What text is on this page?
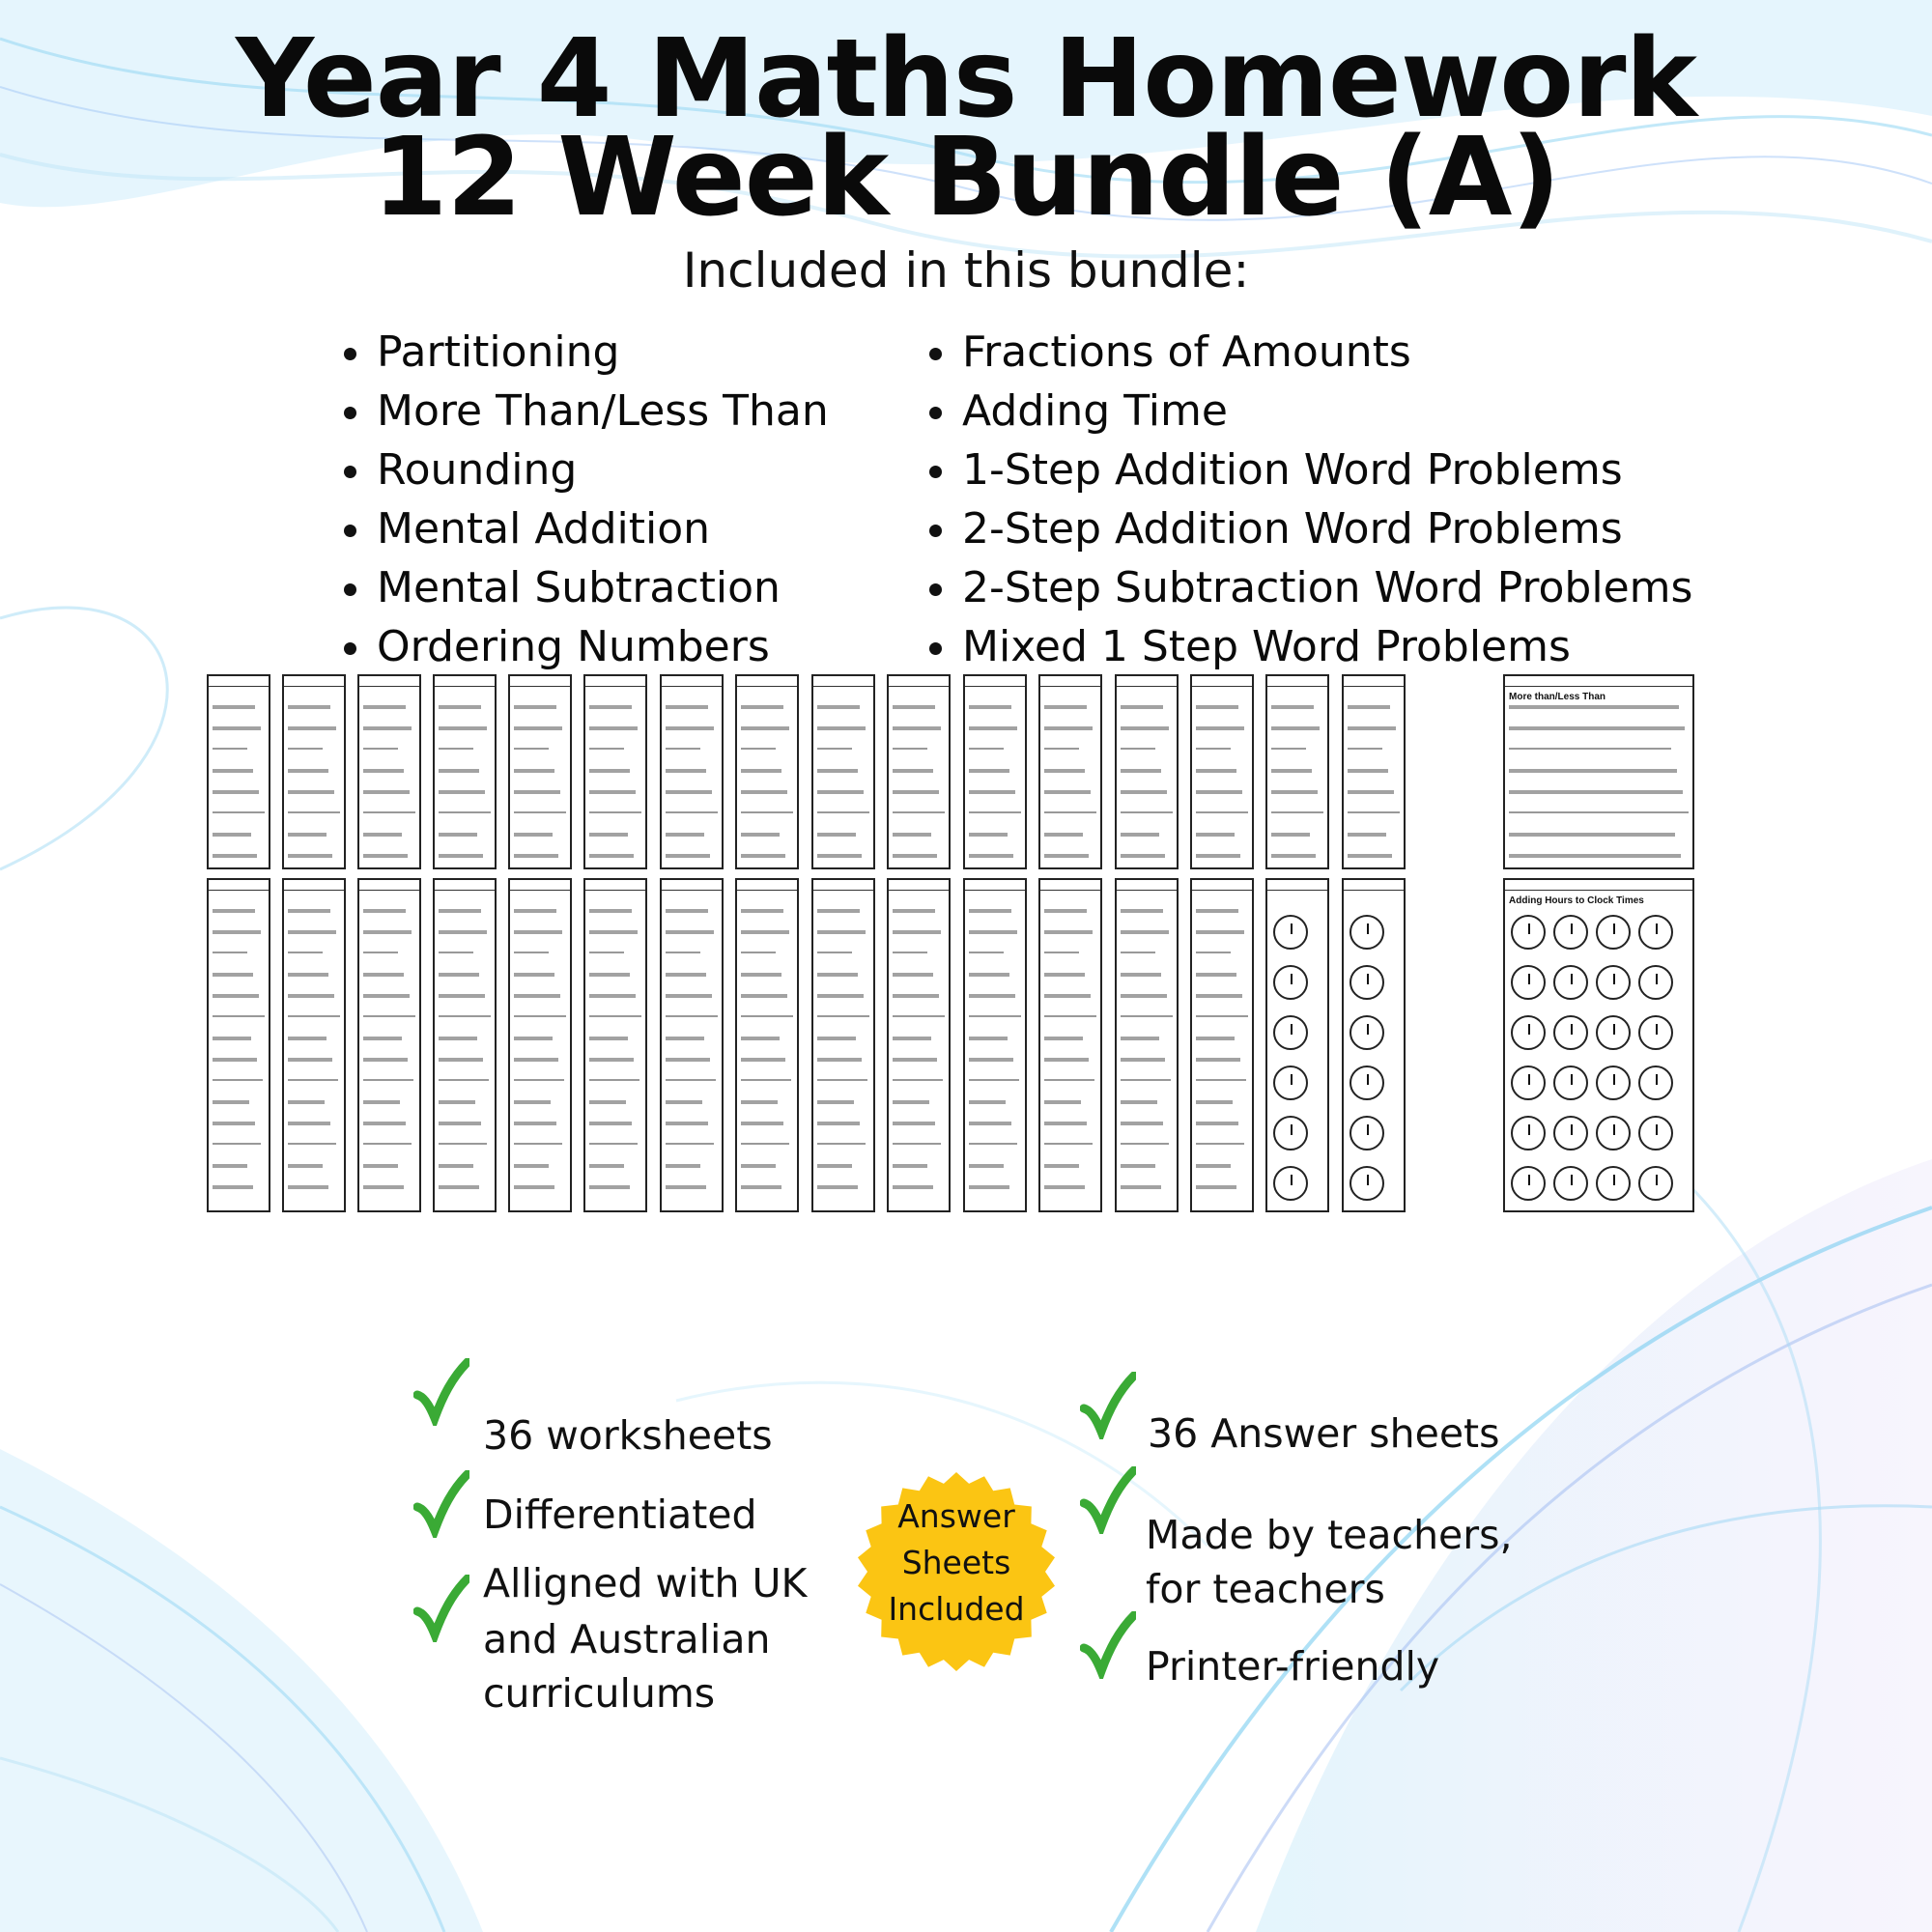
Year 4 Maths Homework
12 Week Bundle (A)
Included in this bundle:
Partitioning
More Than/Less Than
Rounding
Mental Addition
Mental Subtraction
Ordering Numbers
Fractions of Amounts
Adding Time
1-Step Addition Word Problems
2-Step Addition Word Problems
2-Step Subtraction Word Problems
Mixed 1 Step Word Problems
More than/Less Than
Adding Hours to Clock Times
36 worksheets
Differentiated
Alligned with UK
and Australian
curriculums
Answer
Sheets
Included
36 Answer sheets
Made by teachers,
for teachers
Printer-friendly
